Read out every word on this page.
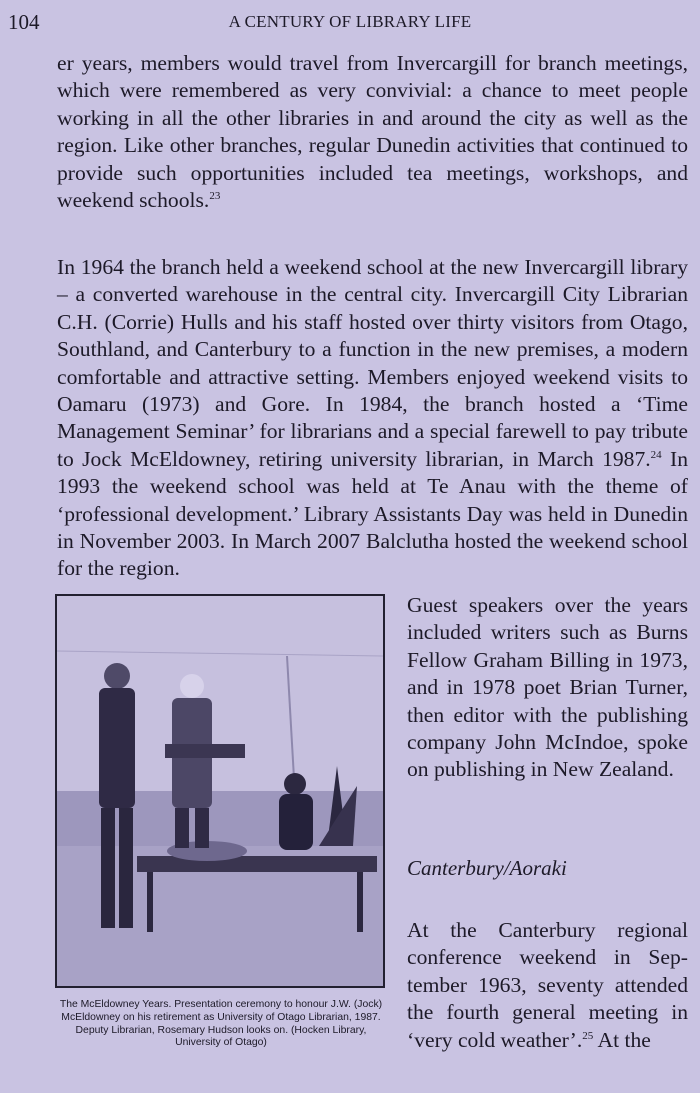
104	A CENTURY OF LIBRARY LIFE

er years, members would travel from Invercargill for branch meetings, which were remembered as very convivial: a chance to meet people working in all the other libraries in and around the city as well as the region. Like other branches, regular Dunedin activities that continued to provide such opportunities included tea meetings, workshops, and weekend schools.$^{23}$

In 1964 the branch held a weekend school at the new Invercargill library – a converted warehouse in the central city. Invercargill City Librarian C.H. (Corrie) Hulls and his staff hosted over thirty visitors from Otago, Southland, and Canterbury to a function in the new premises, a modern comfortable and attractive setting. Members enjoyed weekend visits to Oamaru (1973) and Gore. In 1984, the branch hosted a ‘Time Management Seminar’ for librarians and a special farewell to pay tribute to Jock McEldowney, retiring university librarian, in March 1987.24 In 1993 the weekend school was held at Te Anau with the theme of ‘professional development.’ Library Assistants Day was held in Dunedin in November 2003. In March 2007 Balclutha hosted the weekend school for the region.

The McEldowney Years. Presentation ceremony to honour J.W. (Jock) McEldowney on his retirement as University of Otago Librarian, 1987. Deputy Librarian, Rosemary Hudson looks on. (Hocken Library, University of Otago)

Guest speakers over the years included writers such as Burns Fellow Graham Billing in 1973, and in 1978 poet Brian Turner, then editor with the publishing company John McIndoe, spoke on publishing in New Zealand.

Canterbury/Aoraki

At the Canterbury regional conference weekend in September 1963, seventy attended the fourth general meeting in ‘very cold weather’.$^{25}$ At the
